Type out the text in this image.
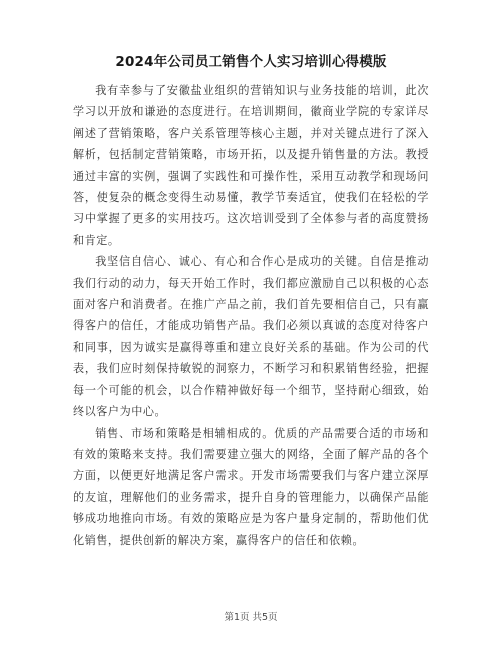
2024年公司员工销售个人实习培训心得模版

我有幸参与了安徽盐业组织的营销知识与业务技能的培训，此次学习以开放和谦逊的态度进行。在培训期间，徽商业学院的专家详尽阐述了营销策略，客户关系管理等核心主题，并对关键点进行了深入解析，包括制定营销策略，市场开拓，以及提升销售量的方法。教授通过丰富的实例，强调了实践性和可操作性，采用互动教学和现场问答，使复杂的概念变得生动易懂，教学节奏适宜，使我们在轻松的学习中掌握了更多的实用技巧。这次培训受到了全体参与者的高度赞扬和肯定。

我坚信自信心、诚心、有心和合作心是成功的关键。自信是推动我们行动的动力，每天开始工作时，我们都应激励自己以积极的心态面对客户和消费者。在推广产品之前，我们首先要相信自己，只有赢得客户的信任，才能成功销售产品。我们必须以真诚的态度对待客户和同事，因为诚实是赢得尊重和建立良好关系的基础。作为公司的代表，我们应时刻保持敏锐的洞察力，不断学习和积累销售经验，把握每一个可能的机会，以合作精神做好每一个细节，坚持耐心细致，始终以客户为中心。

销售、市场和策略是相辅相成的。优质的产品需要合适的市场和有效的策略来支持。我们需要建立强大的网络，全面了解产品的各个方面，以便更好地满足客户需求。开发市场需要我们与客户建立深厚的友谊，理解他们的业务需求，提升自身的管理能力，以确保产品能够成功地推向市场。有效的策略应是为客户量身定制的，帮助他们优化销售，提供创新的解决方案，赢得客户的信任和依赖。

第1页 共5页
